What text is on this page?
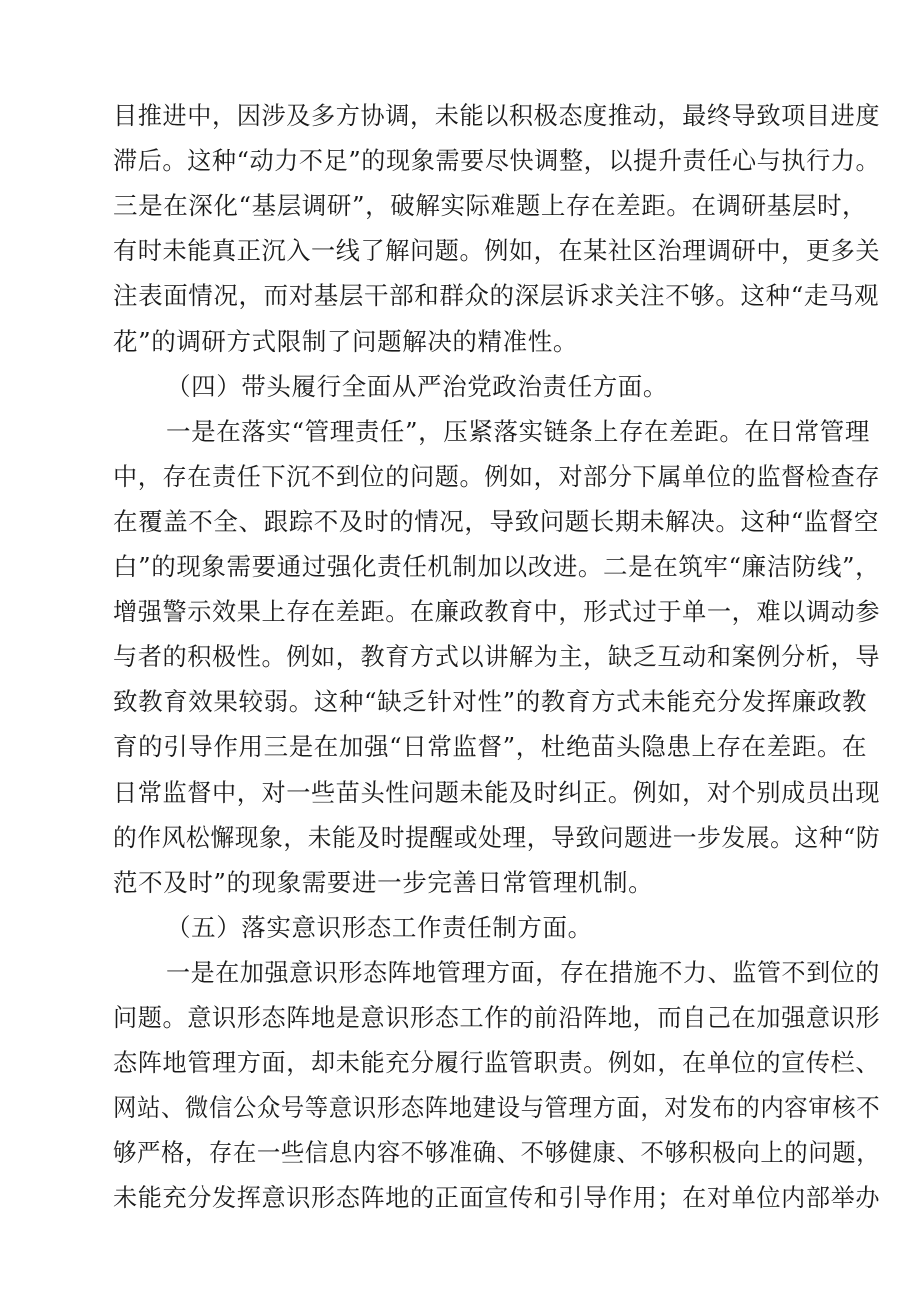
目推进中，因涉及多方协调，未能以积极态度推动，最终导致项目进度
滞后。这种“动力不足”的现象需要尽快调整，以提升责任心与执行力。
三是在深化“基层调研”，破解实际难题上存在差距。在调研基层时，
有时未能真正沉入一线了解问题。例如，在某社区治理调研中，更多关
注表面情况，而对基层干部和群众的深层诉求关注不够。这种“走马观
花”的调研方式限制了问题解决的精准性。
（四）带头履行全面从严治党政治责任方面。
一是在落实“管理责任”，压紧落实链条上存在差距。在日常管理
中，存在责任下沉不到位的问题。例如，对部分下属单位的监督检查存
在覆盖不全、跟踪不及时的情况，导致问题长期未解决。这种“监督空
白”的现象需要通过强化责任机制加以改进。二是在筑牢“廉洁防线”，
增强警示效果上存在差距。在廉政教育中，形式过于单一，难以调动参
与者的积极性。例如，教育方式以讲解为主，缺乏互动和案例分析，导
致教育效果较弱。这种“缺乏针对性”的教育方式未能充分发挥廉政教
育的引导作用三是在加强“日常监督”，杜绝苗头隐患上存在差距。在
日常监督中，对一些苗头性问题未能及时纠正。例如，对个别成员出现
的作风松懈现象，未能及时提醒或处理，导致问题进一步发展。这种“防
范不及时”的现象需要进一步完善日常管理机制。
（五）落实意识形态工作责任制方面。
一是在加强意识形态阵地管理方面，存在措施不力、监管不到位的
问题。意识形态阵地是意识形态工作的前沿阵地，而自己在加强意识形
态阵地管理方面，却未能充分履行监管职责。例如，在单位的宣传栏、
网站、微信公众号等意识形态阵地建设与管理方面，对发布的内容审核不
够严格，存在一些信息内容不够准确、不够健康、不够积极向上的问题，
未能充分发挥意识形态阵地的正面宣传和引导作用；在对单位内部举办
